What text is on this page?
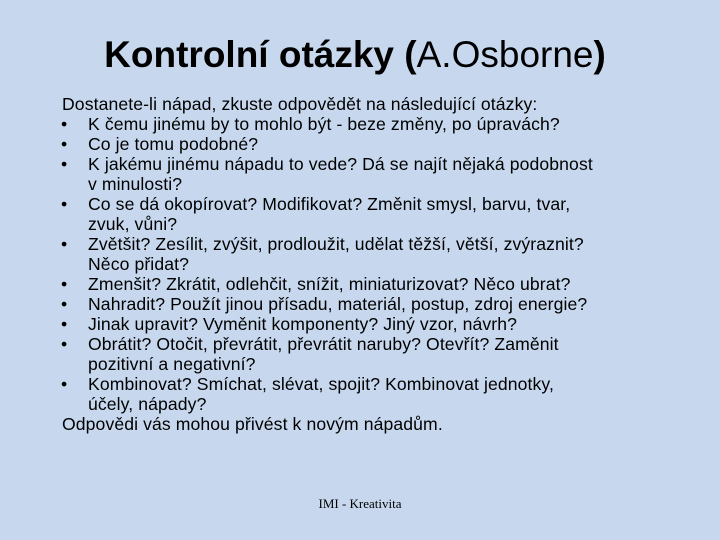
Kontrolní otázky (A.Osborne)

Dostanete-li nápad, zkuste odpovědět na následující otázky:

• K čemu jinému by to mohlo být - beze změny, po úpravách?
• Co je tomu podobné?
• K jakému jinému nápadu to vede? Dá se najít nějaká podobnost
v minulosti?
• Co se dá okopírovat? Modifikovat? Změnit smysl, barvu, tvar,
zvuk, vůni?
• Zvětšit? Zesílit, zvýšit, prodloužit, udělat těžší, větší, zvýraznit?
Něco přidat?
• Zmenšit? Zkrátit, odlehčit, snížit, miniaturizovat? Něco ubrat?
• Nahradit? Použít jinou přísadu, materiál, postup, zdroj energie?
• Jinak upravit? Vyměnit komponenty? Jiný vzor, návrh?
• Obrátit? Otočit, převrátit, převrátit naruby? Otevřít? Zaměnit
pozitivní a negativní?
• Kombinovat? Smíchat, slévat, spojit? Kombinovat jednotky,
účely, nápady?

Odpovědi vás mohou přivést k novým nápadům.

IMI - Kreativita
